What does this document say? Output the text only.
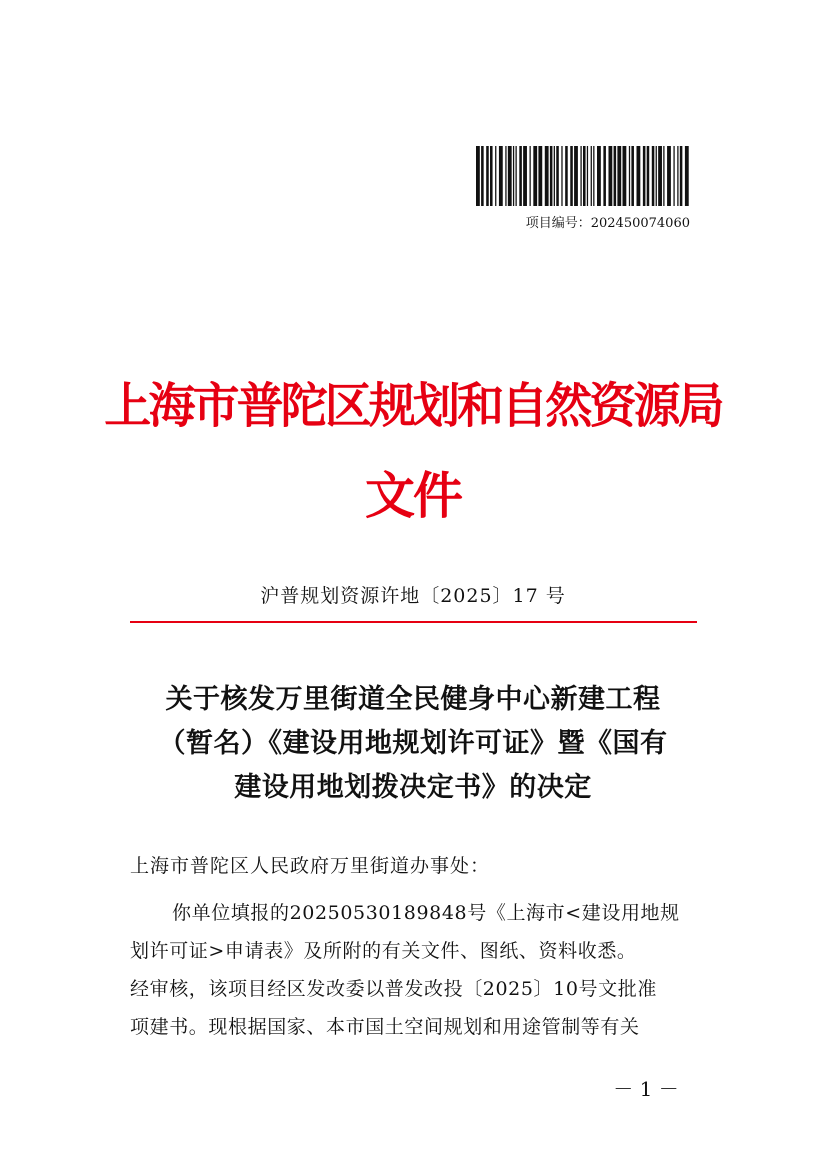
项目编号：202450074060
上海市普陀区规划和自然资源局
文件
沪普规划资源许地〔2025〕17 号
关于核发万里街道全民健身中心新建工程
（暂名）《建设用地规划许可证》暨《国有
建设用地划拨决定书》的决定
上海市普陀区人民政府万里街道办事处：
你单位填报的20250530189848号《上海市<建设用地规
划许可证>申请表》及所附的有关文件、图纸、资料收悉。
经审核，该项目经区发改委以普发改投〔2025〕10号文批准
项建书。现根据国家、本市国土空间规划和用途管制等有关
－ 1 －
